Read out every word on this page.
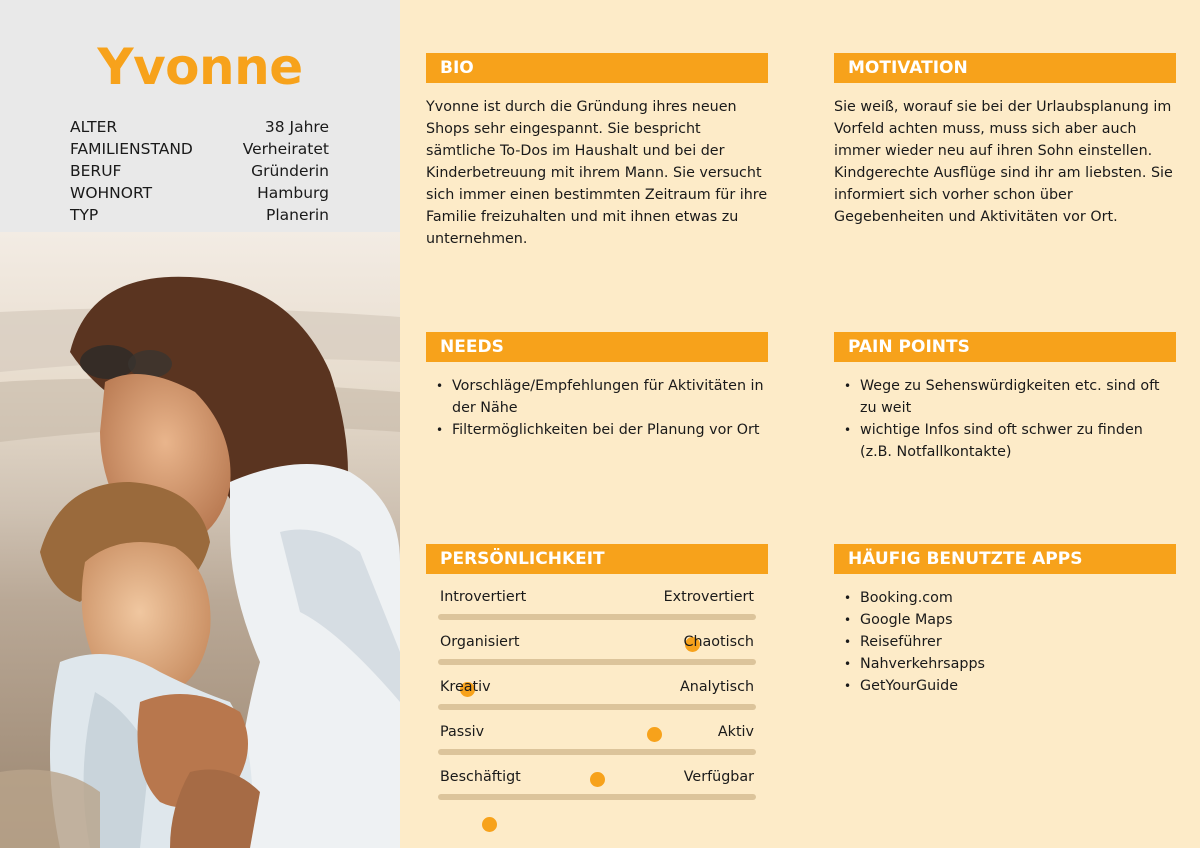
Yvonne
ALTER	38 Jahre
FAMILIENSTAND	Verheiratet
BERUF	Gründerin
WOHNORT	Hamburg
TYP	Planerin
BIO
Yvonne ist durch die Gründung ihres neuen Shops sehr eingespannt. Sie bespricht sämtliche To-Dos im Haushalt und bei der Kinderbetreuung mit ihrem Mann. Sie versucht sich immer einen bestimmten Zeitraum für ihre Familie freizuhalten und mit ihnen etwas zu unternehmen.
MOTIVATION
Sie weiß, worauf sie bei der Urlaubsplanung im Vorfeld achten muss, muss sich aber auch immer wieder neu auf ihren Sohn einstellen. Kindgerechte Ausflüge sind ihr am liebsten. Sie informiert sich vorher schon über Gegebenheiten und Aktivitäten vor Ort.
NEEDS
• Vorschläge/Empfehlungen für Aktivitäten in der Nähe
• Filtermöglichkeiten bei der Planung vor Ort
PAIN POINTS
• Wege zu Sehenswürdigkeiten etc. sind oft zu weit
• wichtige Infos sind oft schwer zu finden (z.B. Notfallkontakte)
PERSÖNLICHKEIT
Introvertiert	Extrovertiert
Organisiert	Chaotisch
Kreativ	Analytisch
Passiv	Aktiv
Beschäftigt	Verfügbar
HÄUFIG BENUTZTE APPS
• Booking.com
• Google Maps
• Reiseführer
• Nahverkehrsapps
• GetYourGuide
